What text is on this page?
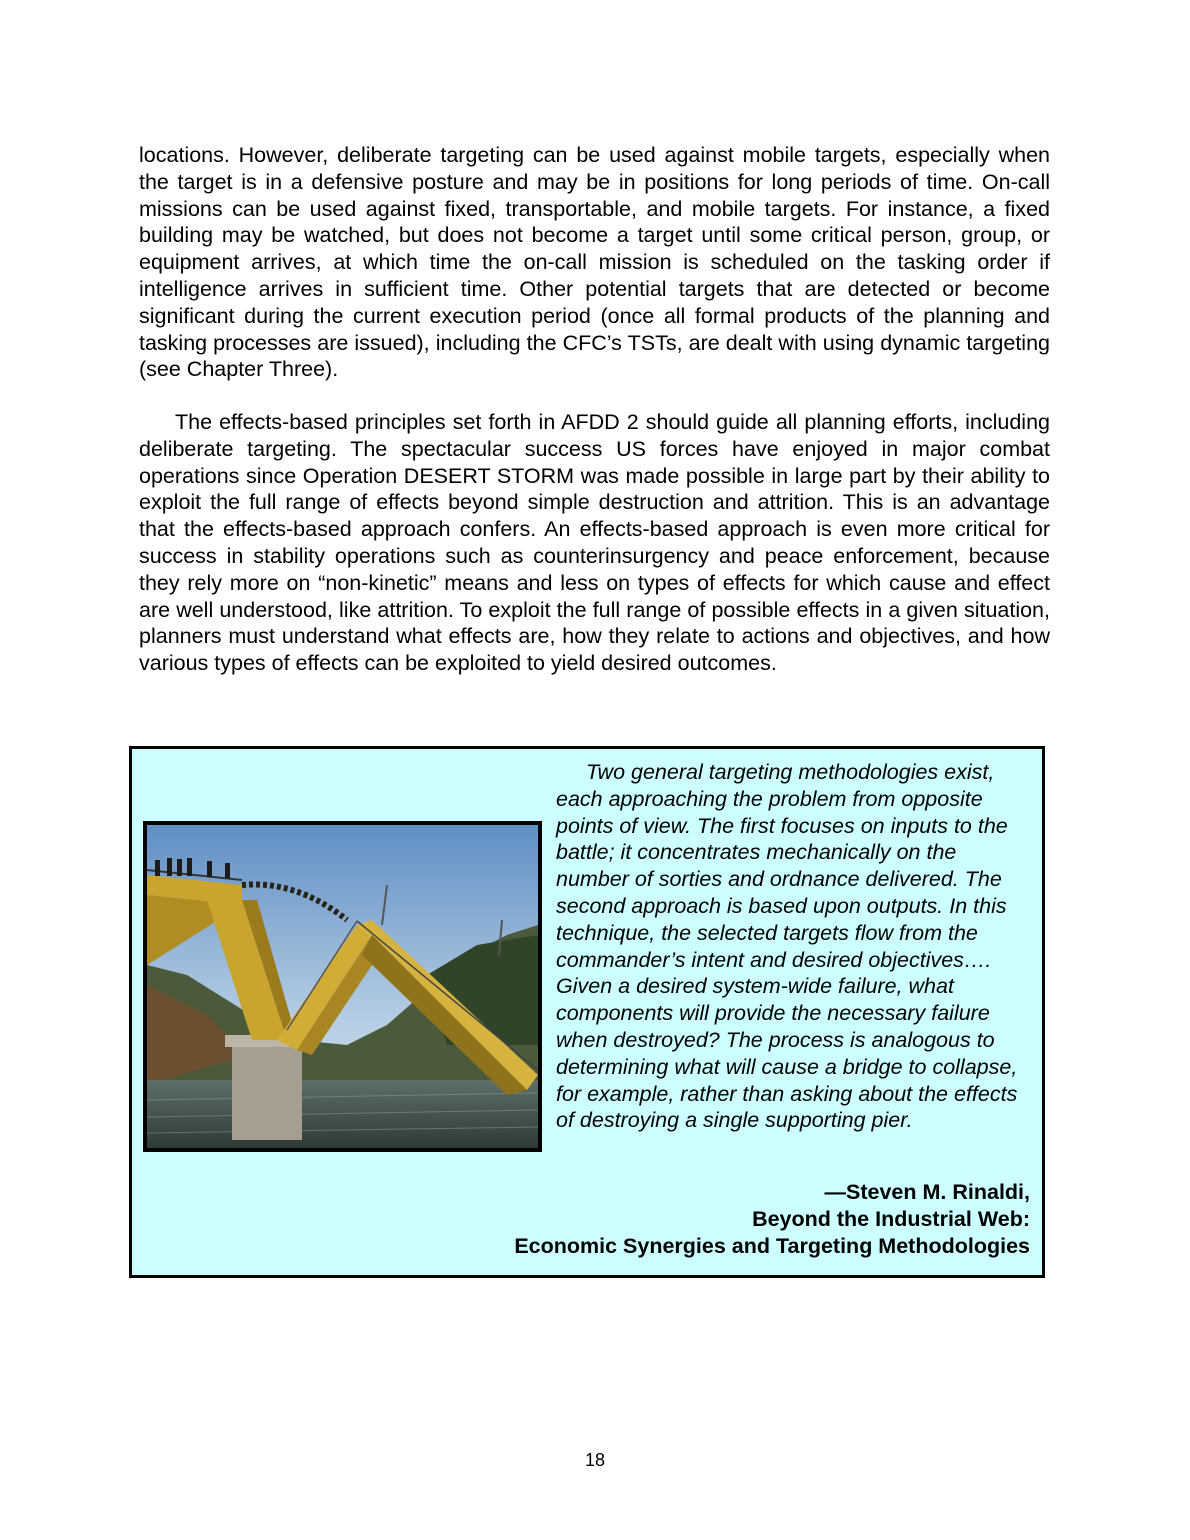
locations. However, deliberate targeting can be used against mobile targets, especially when the target is in a defensive posture and may be in positions for long periods of time. On-call missions can be used against fixed, transportable, and mobile targets. For instance, a fixed building may be watched, but does not become a target until some critical person, group, or equipment arrives, at which time the on-call mission is scheduled on the tasking order if intelligence arrives in sufficient time. Other potential targets that are detected or become significant during the current execution period (once all formal products of the planning and tasking processes are issued), including the CFC’s TSTs, are dealt with using dynamic targeting (see Chapter Three).

The effects-based principles set forth in AFDD 2 should guide all planning efforts, including deliberate targeting. The spectacular success US forces have enjoyed in major combat operations since Operation DESERT STORM was made possible in large part by their ability to exploit the full range of effects beyond simple destruction and attrition. This is an advantage that the effects-based approach confers. An effects-based approach is even more critical for success in stability operations such as counterinsurgency and peace enforcement, because they rely more on “non-kinetic” means and less on types of effects for which cause and effect are well understood, like attrition. To exploit the full range of possible effects in a given situation, planners must understand what effects are, how they relate to actions and objectives, and how various types of effects can be exploited to yield desired outcomes.

Two general targeting methodologies exist, each approaching the problem from opposite points of view. The first focuses on inputs to the battle; it concentrates mechanically on the number of sorties and ordnance delivered. The second approach is based upon outputs. In this technique, the selected targets flow from the commander’s intent and desired objectives…. Given a desired system-wide failure, what components will provide the necessary failure when destroyed? The process is analogous to determining what will cause a bridge to collapse, for example, rather than asking about the effects of destroying a single supporting pier.

—Steven M. Rinaldi,
Beyond the Industrial Web:
Economic Synergies and Targeting Methodologies
18
